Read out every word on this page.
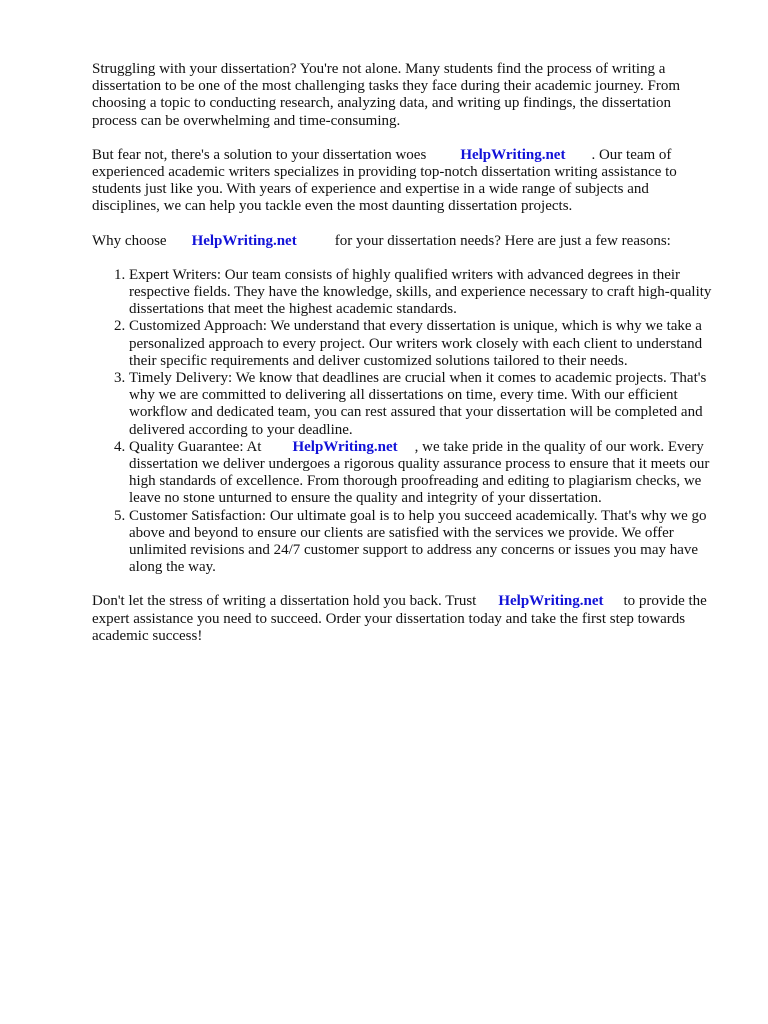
Struggling with your dissertation? You're not alone. Many students find the process of writing a dissertation to be one of the most challenging tasks they face during their academic journey. From choosing a topic to conducting research, analyzing data, and writing up findings, the dissertation process can be overwhelming and time-consuming.

But fear not, there's a solution to your dissertation woes HelpWriting.net . Our team of experienced academic writers specializes in providing top-notch dissertation writing assistance to students just like you. With years of experience and expertise in a wide range of subjects and disciplines, we can help you tackle even the most daunting dissertation projects.

Why choose HelpWriting.net	for your dissertation needs? Here are just a few reasons:

1. Expert Writers: Our team consists of highly qualified writers with advanced degrees in their respective fields. They have the knowledge, skills, and experience necessary to craft high-quality dissertations that meet the highest academic standards.
2. Customized Approach: We understand that every dissertation is unique, which is why we take a personalized approach to every project. Our writers work closely with each client to understand their specific requirements and deliver customized solutions tailored to their needs.
3. Timely Delivery: We know that deadlines are crucial when it comes to academic projects. That's why we are committed to delivering all dissertations on time, every time. With our efficient workflow and dedicated team, you can rest assured that your dissertation will be completed and delivered according to your deadline.
4. Quality Guarantee: At HelpWriting.net , we take pride in the quality of our work. Every dissertation we deliver undergoes a rigorous quality assurance process to ensure that it meets our high standards of excellence. From thorough proofreading and editing to plagiarism checks, we leave no stone unturned to ensure the quality and integrity of your dissertation.
5. Customer Satisfaction: Our ultimate goal is to help you succeed academically. That's why we go above and beyond to ensure our clients are satisfied with the services we provide. We offer unlimited revisions and 24/7 customer support to address any concerns or issues you may have along the way.

Don't let the stress of writing a dissertation hold you back. Trust HelpWriting.net to provide the expert assistance you need to succeed. Order your dissertation today and take the first step towards academic success!
